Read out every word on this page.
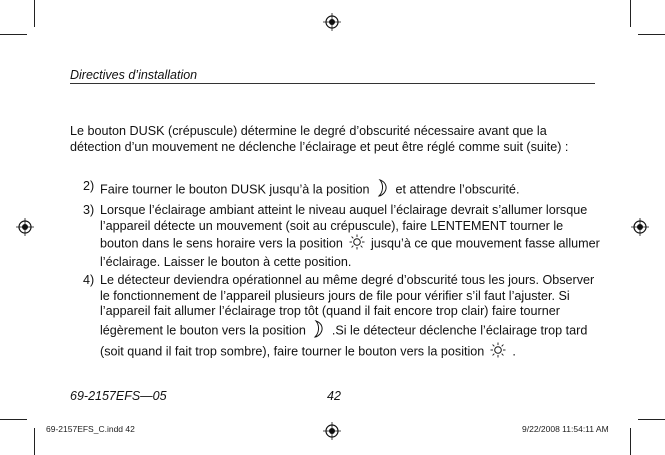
Directives d’installation
Le bouton DUSK (crépuscule) détermine le degré d’obscurité nécessaire avant que la détection d’un mouvement ne déclenche l’éclairage et peut être réglé comme suit (suite) :
2) Faire tourner le bouton DUSK jusqu’à la position et attendre l’obscurité.
3) Lorsque l’éclairage ambiant atteint le niveau auquel l’éclairage devrait s’allumer lorsque l’appareil détecte un mouvement (soit au crépuscule), faire LENTEMENT tourner le bouton dans le sens horaire vers la position jusqu’à ce que mouvement fasse allumer l’éclairage. Laisser le bouton à cette position.
4) Le détecteur deviendra opérationnel au même degré d’obscurité tous les jours. Observer le fonctionnement de l’appareil plusieurs jours de file pour vérifier s’il faut l’ajuster. Si l’appareil fait allumer l’éclairage trop tôt (quand il fait encore trop clair) faire tourner légèrement le bouton vers la position .Si le détecteur déclenche l’éclairage trop tard (soit quand il fait trop sombre), faire tourner le bouton vers la position .
69-2157EFS—05	42
69-2157EFS_C.indd 42	9/22/2008 11:54:11 AM
